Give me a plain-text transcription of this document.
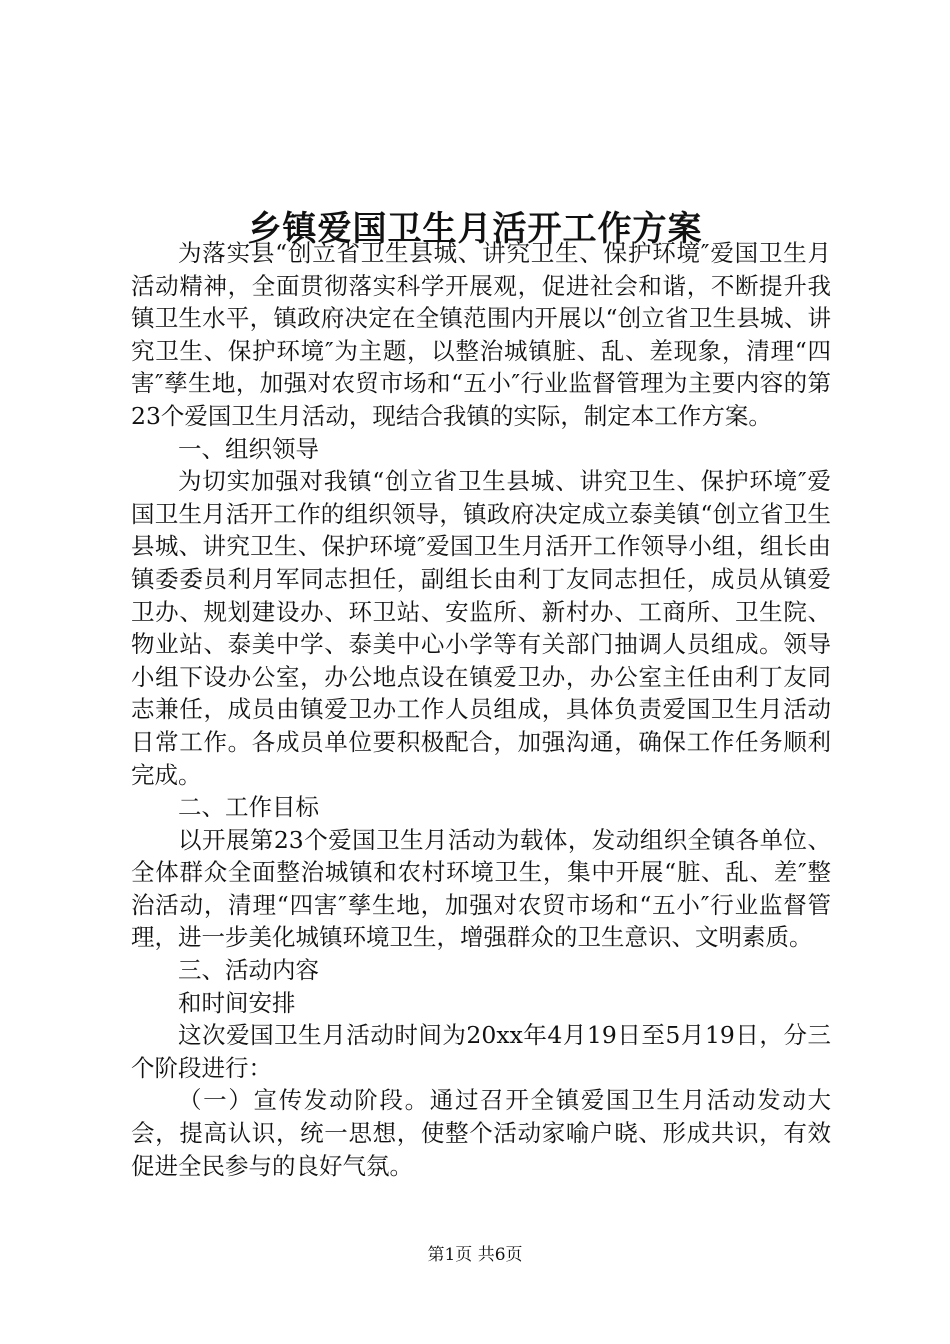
乡镇爱国卫生月活开工作方案

为落实县“创立省卫生县城、讲究卫生、保护环境″爱国卫生月活动精神，全面贯彻落实科学开展观，促进社会和谐，不断提升我镇卫生水平，镇政府决定在全镇范围内开展以“创立省卫生县城、讲究卫生、保护环境″为主题，以整治城镇脏、乱、差现象，清理“四害″孳生地，加强对农贸市场和“五小″行业监督管理为主要内容的第23个爱国卫生月活动，现结合我镇的实际，制定本工作方案。

一、组织领导

为切实加强对我镇“创立省卫生县城、讲究卫生、保护环境″爱国卫生月活开工作的组织领导，镇政府决定成立泰美镇“创立省卫生县城、讲究卫生、保护环境″爱国卫生月活开工作领导小组，组长由镇委委员利月军同志担任，副组长由利丁友同志担任，成员从镇爱卫办、规划建设办、环卫站、安监所、新村办、工商所、卫生院、物业站、泰美中学、泰美中心小学等有关部门抽调人员组成。领导小组下设办公室，办公地点设在镇爱卫办，办公室主任由利丁友同志兼任，成员由镇爱卫办工作人员组成，具体负责爱国卫生月活动日常工作。各成员单位要积极配合，加强沟通，确保工作任务顺利完成。

二、工作目标

以开展第23个爱国卫生月活动为载体，发动组织全镇各单位、全体群众全面整治城镇和农村环境卫生，集中开展“脏、乱、差″整治活动，清理“四害″孳生地，加强对农贸市场和“五小″行业监督管理，进一步美化城镇环境卫生，增强群众的卫生意识、文明素质。

三、活动内容

和时间安排

这次爱国卫生月活动时间为20xx年4月19日至5月19日，分三个阶段进行：

（一）宣传发动阶段。通过召开全镇爱国卫生月活动发动大会，提高认识，统一思想，使整个活动家喻户晓、形成共识，有效促进全民参与的良好气氛。

第1页 共6页
